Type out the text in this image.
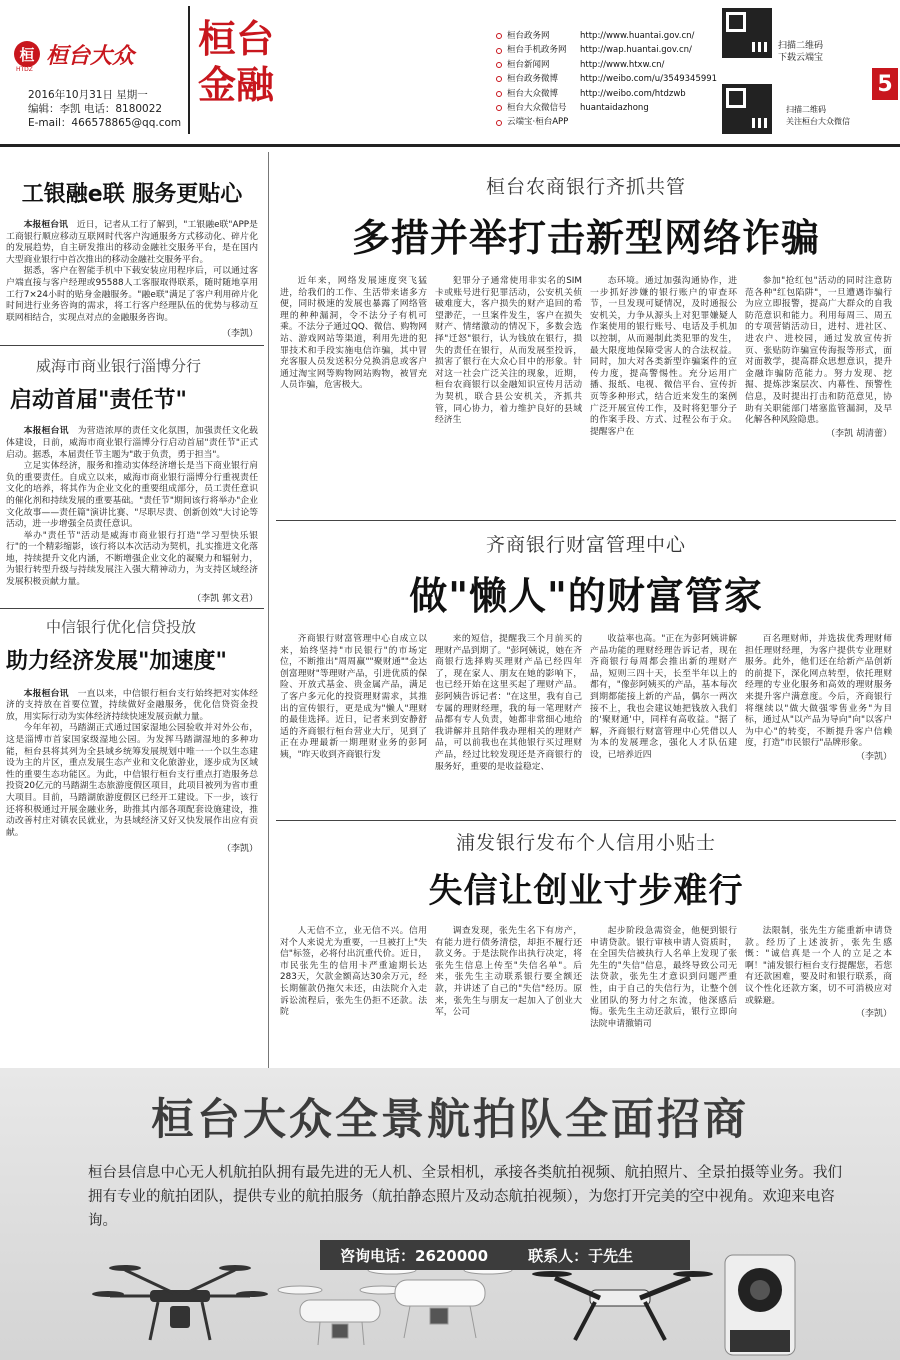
桓 桓台大众
HTDZ
2016年10月31日 星期一
编辑：李凯 电话：8180022
E-mail：466578865@qq.com
桓台
金融
桓台政务网	http://www.huantai.gov.cn/
桓台手机政务网 http://wap.huantai.gov.cn/
桓台新闻网	http://www.htxw.cn/
桓台政务微博	http://weibo.com/u/3549345991
桓台大众微博	http://weibo.com/htdzwb
桓台大众微信号 huantaidazhong
云端宝·桓台APP
扫描二维码
下载云端宝
扫描二维码
关注桓台大众微信
5
工银融e联 服务更贴心

本报桓台讯　 近日，记者从工行了解到，"工银融e联"APP是工商银行顺应移动互联网时代客户沟通服务方式移动化、碎片化的发展趋势，自主研发推出的移动金融社交服务平台，是在国内大型商业银行中首次推出的移动金融社交服务平台。

据悉，客户在智能手机中下载安装应用程序后，可以通过客户端直接与客户经理或95588人工客服取得联系，随时随地享用工行7×24小时的贴身金融服务。"融e联"满足了客户利用碎片化时间进行业务咨询的需求，将工行客户经理队伍的优势与移动互联网相结合，实现点对点的金融服务咨询。

（李凯）
威海市商业银行淄博分行
启动首届"责任节"

本报桓台讯　 为营造浓厚的责任文化氛围，加强责任文化载体建设，日前，威海市商业银行淄博分行启动首届"责任节"正式启动。据悉，本届责任节主题为"敢于负责，勇于担当"。

立足实体经济，服务和推动实体经济增长是当下商业银行肩负的重要责任。自成立以来，威海市商业银行淄博分行重视责任文化的培养，将其作为企业文化的重要组成部分，员工责任意识的催化剂和持续发展的重要基础。"责任节"期间该行将举办"企业文化故事——责任篇"演讲比赛、"尽职尽责、创新创效"大讨论等活动，进一步增强全员责任意识。

举办"责任节"活动是威海市商业银行打造"学习型快乐银行"的一个精彩缩影，该行将以本次活动为契机，扎实推进文化落地，持续提升文化内涵，不断增强企业文化的凝聚力和辐射力，为银行转型升级与持续发展注入强大精神动力，为支持区域经济发展积极贡献力量。

（李凯 郭文君）
中信银行优化信贷投放
助力经济发展"加速度"

本报桓台讯　 一直以来，中信银行桓台支行始终把对实体经济的支持放在首要位置，持续做好金融服务，优化信贷资金投放，用实际行动为实体经济持续快速发展贡献力量。

今年年初，马踏湖正式通过国家湿地公园验收并对外公布，这是淄博市首家国家级湿地公园。为发挥马踏湖湿地的多种功能，桓台县将其列为全县域乡统筹发展规划中唯一一个以生态建设为主的片区，重点发展生态产业和文化旅游业，逐步成为区域性的重要生态功能区。为此，中信银行桓台支行重点打造服务总投资20亿元的马踏湖生态旅游度假区项目，此项目被列为省市重大项目。目前，马踏湖旅游度假区已经开工建设。下一步，该行还将积极通过开展金融业务，助推其内部各项配套设施建设，推动改善村庄对镇农民就业，为县域经济又好又快发展作出应有贡献。

（李凯）
桓台农商银行齐抓共管
多措并举打击新型网络诈骗

近年来，网络发展速度突飞猛进，给我们的工作、生活带来诸多方便，同时极速的发展也暴露了网络管理的种种漏洞，令不法分子有机可乘。不法分子通过QQ、微信、购物网站、游戏网站等渠道，利用先进的犯罪技术和手段实施电信诈骗，其中冒充客服人员发送积分兑换消息或客户通过淘宝网等购物网站购物，被冒充人员诈骗，危害极大。

犯罪分子通常使用非实名的SIM卡或账号进行犯罪活动，公安机关侦破难度大，客户损失的财产追回的希望渺茫，一旦案件发生，客户在损失财产、情绪激动的情况下，多数会选择"迁怒"银行，认为钱放在银行，损失的责任在银行，从而发展至投诉，损害了银行在大众心目中的形象。针对这一社会广泛关注的现象，近期，桓台农商银行以金融知识宣传月活动为契机，联合县公安机关，齐抓共管，同心协力，着力维护良好的县域经济生

态环境。通过加强沟通协作，进一步抓好涉嫌的银行账户的审查环节，一旦发现可疑情况，及时通报公安机关，力争从源头上对犯罪嫌疑人作案使用的银行账号、电话及手机加以控制，从而遏制此类犯罪的发生，最大限度地保障受害人的合法权益。同时，加大对各类新型诈骗案件的宣传力度，提高警惕性。充分运用广播、报纸、电视、微信平台、宣传折页等多种形式，结合近来发生的案例广泛开展宣传工作，及时将犯罪分子的作案手段、方式、过程公布于众。提醒客户在

参加"抢红包"活动的同时注意防范各种"红包陷阱"，一旦遭遇诈骗行为应立即报警，提高广大群众的自我防范意识和能力。利用每周三、周五的专项营销活动日，进村、进社区、进农户、进校园，通过发放宣传折页、张贴防诈骗宣传海报等形式，面对面教学，提高群众思想意识，提升金融诈骗防范能力。努力发现、挖掘、提炼涉案层次、内幕性、预警性信息，及时提出打击和防范意见，协助有关职能部门堵塞监管漏洞，及早化解各种风险隐患。

（李凯 胡清蕾）
齐商银行财富管理中心
做"懒人"的财富管家

齐商银行财富管理中心自成立以来，始终坚持"市民银行"的市场定位，不断推出"周周赢""聚财通""金达创富理财"等理财产品，引进优质的保险、开放式基金、贵金属产品，满足了客户多元化的投资理财需求，其推出的宣传银行，更是成为"懒人"理财的最佳选择。近日，记者来到安静舒适的齐商银行桓台营业大厅，见到了正在办理最新一期理财业务的彭阿姨，"昨天收到齐商银行发

来的短信，提醒我三个月前买的理财产品到期了。"彭阿姨说，她在齐商银行选择购买理财产品已经四年了，现在家人、朋友在她的影响下，也已经开始在这里买起了理财产品。彭阿姨告诉记者："在这里，我有自己专属的理财经理，我的每一笔理财产品都有专人负责，她都非常细心地给我讲解并且陪伴我办理相关的理财产品，可以前我也在其他银行买过理财产品，经过比较发现还是齐商银行的服务好，重要的是收益稳定、

收益率也高。"正在为彭阿姨讲解产品功能的理财经理告诉记者，现在齐商银行每周都会推出新的理财产品，短则三四十天，长至半年以上的都有，"像彭阿姨买的产品，基本每次到期都能接上新的产品，偶尔一两次接不上，我也会建议她把钱放入我们的'聚财通'中，同样有高收益。"据了解，齐商银行财富管理中心凭借以人为本的发展理念，强化人才队伍建设，已培养近四

百名理财师，并选拔优秀理财师担任理财经理，为客户提供专业理财服务。此外，他们还在给新产品创新的前提下，深化网点转型，依托理财经理的专业化服务和高效的理财服务来提升客户满意度。今后，齐商银行将继续以"做大做强零售业务"为目标，通过从"以产品为导向"向"以客户为中心"的转变，不断提升客户信赖度，打造"市民银行"品牌形象。

（李凯）
浦发银行发布个人信用小贴士
失信让创业寸步难行

人无信不立，业无信不兴。信用对个人来说尤为重要，一旦被打上"失信"标签，必将付出沉重代价。近日，市民张先生的信用卡严重逾期长达283天，欠款金额高达30余万元，经长期催款仍拖欠未还，由法院介入走诉讼流程后，张先生仍拒不还款。法院

调查发现，张先生名下有房产，有能力进行债务清偿，却拒不履行还款义务。于是法院作出执行决定，将张先生信息上传至"失信名单"。后来，张先生主动联系银行要全额还款，并讲述了自己的"失信"经历。原来，张先生与朋友一起加入了创业大军，公司

起步阶段急需资金，他便到银行申请贷款。银行审核申请人资质时，在全国失信被执行人名单上发现了张先生的"失信"信息，最终导致公司无法贷款，张先生才意识到问题严重性，由于自己的失信行为，让整个创业团队的努力付之东流，他深感后悔。张先生主动还款后，银行立即向法院申请撤销司

法限制，张先生方能重新申请贷款。经历了上述波折，张先生感慨："诚信真是一个人的立足之本啊！"浦发银行桓台支行提醒您，若您有还款困难，要及时和银行联系，商议个性化还款方案，切不可消极应对或躲避。

（李凯）
桓台大众全景航拍队全面招商
桓台县信息中心无人机航拍队拥有最先进的无人机、全景相机，承接各类航拍视频、航拍照片、全景拍摄等业务。我们拥有专业的航拍团队，提供专业的航拍服务（航拍静态照片及动态航拍视频），为您打开完美的空中视角。欢迎来电咨询。
咨询电话：2620000	联系人：于先生
